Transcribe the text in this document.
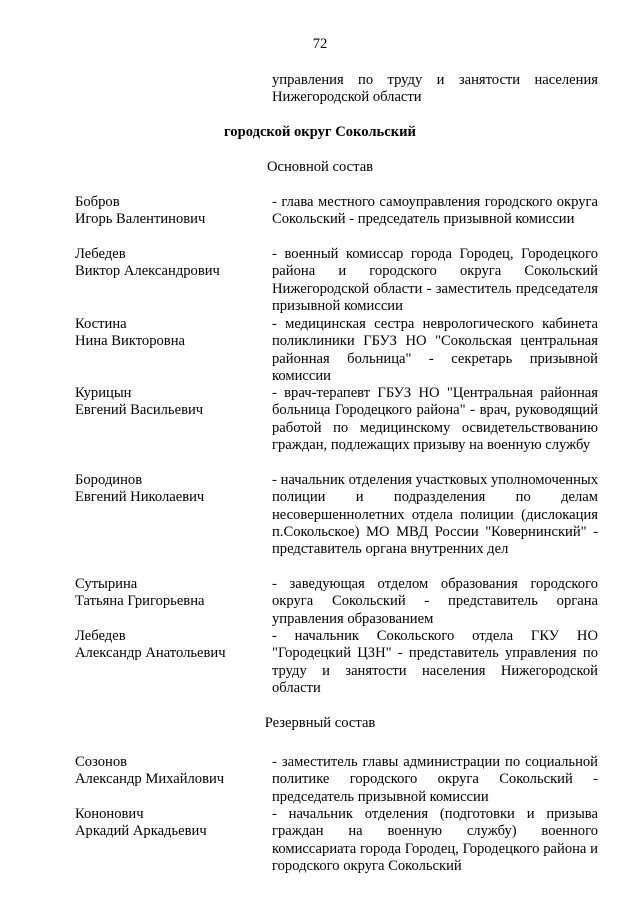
72
управления по труду и занятости населения Нижегородской области
городской округ Сокольский
Основной состав
Бобров
Игорь Валентинович
- глава местного самоуправления городского округа Сокольский - председатель призывной комиссии
Лебедев
Виктор Александрович
- военный комиссар города Городец, Городецкого района и городского округа Сокольский Нижегородской области - заместитель председателя призывной комиссии
Костина
Нина Викторовна
- медицинская сестра неврологического кабинета поликлиники ГБУЗ НО "Сокольская центральная районная больница" - секретарь призывной комиссии
Курицын
Евгений Васильевич
- врач-терапевт ГБУЗ НО "Центральная районная больница Городецкого района" - врач, руководящий работой по медицинскому освидетельствованию граждан, подлежащих призыву на военную службу
Бородинов
Евгений Николаевич
- начальник отделения участковых уполномоченных полиции и подразделения по делам несовершеннолетних отдела полиции (дислокация п.Сокольское) МО МВД России "Ковернинский" - представитель органа внутренних дел
Сутырина
Татьяна Григорьевна
- заведующая отделом образования городского округа Сокольский - представитель органа управления образованием
Лебедев
Александр Анатольевич
- начальник Сокольского отдела ГКУ НО "Городецкий ЦЗН" - представитель управления по труду и занятости населения Нижегородской области
Резервный состав
Созонов
Александр Михайлович
- заместитель главы администрации по социальной политике городского округа Сокольский - председатель призывной комиссии
Кононович
Аркадий Аркадьевич
- начальник отделения (подготовки и призыва граждан на военную службу) военного комиссариата города Городец, Городецкого района и городского округа Сокольский
